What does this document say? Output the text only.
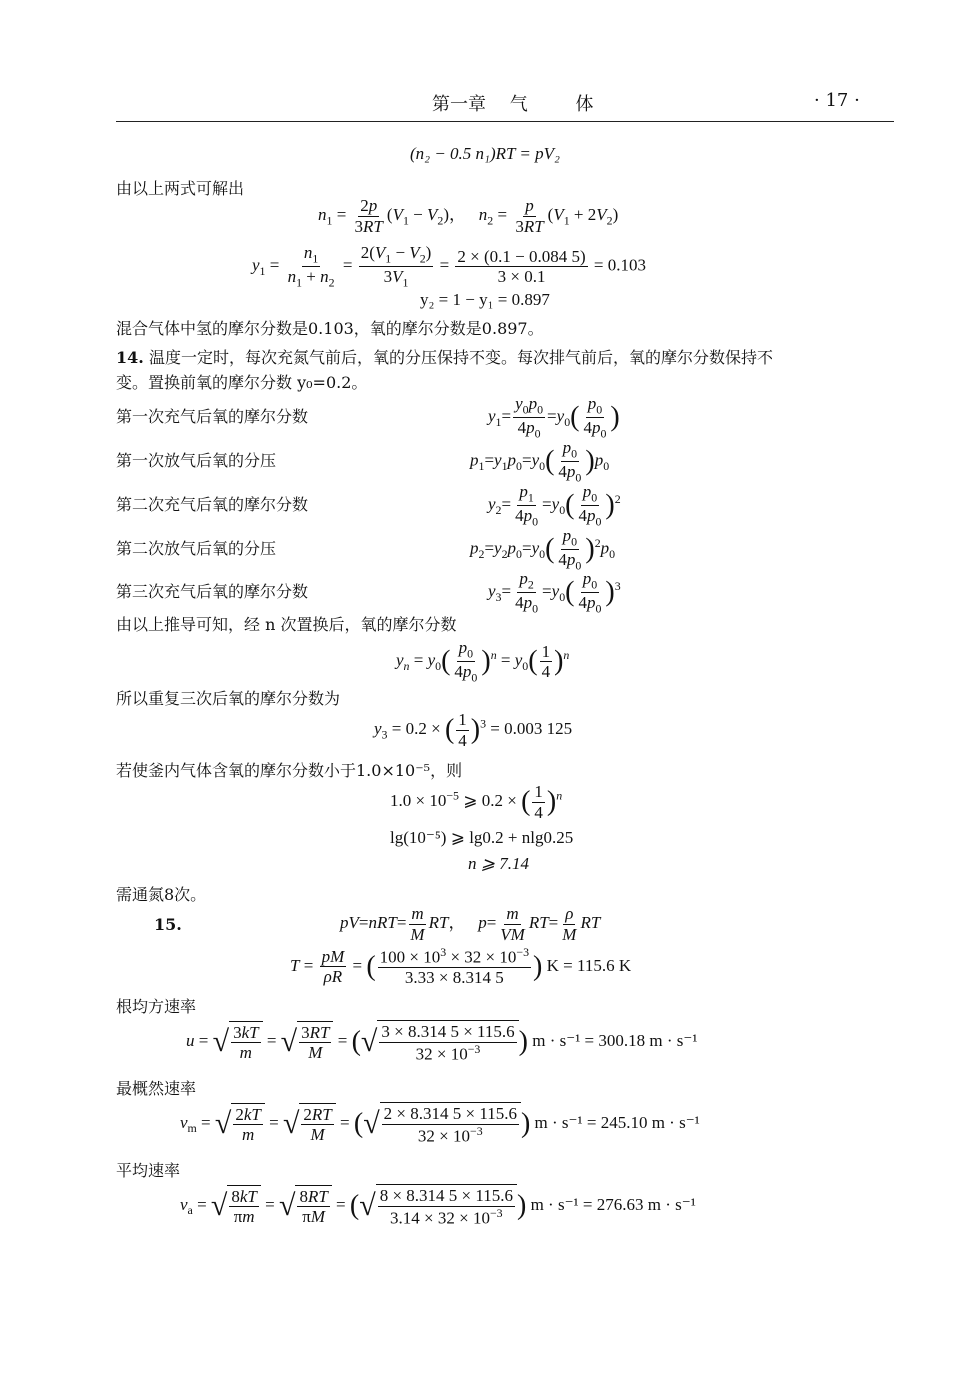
第一章 气	体	· 17 ·
(n₂ − 0.5 n₁)RT = pV₂
由以上两式可解出
$n_1 = \frac{2p}{3RT} (V_1 - V_2)$，   $n_2 = \frac{p}{3RT} (V_1 + 2V_2)$
$y_1 = \frac{n_1}{n_1 + n_2} = \frac{2(V_1 - V_2)}{3V_1} = \frac{2 \times (0.1 - 0.084 5)}{3 \times 0.1} = 0.103$
y₂ = 1 − y₁ = 0.897
混合气体中氢的摩尔分数是0.103，氧的摩尔分数是0.897。
14. 温度一定时，每次充氮气前后，氧的分压保持不变。每次排气前后，氧的摩尔分数保持不
变。置换前氧的摩尔分数 y₀=0.2。
第一次充气后氧的摩尔分数	$y_1= \frac{y_0p_0}{4p_0} =y_0( \frac{p_0}{4p_0}$ )
第一次放气后氧的分压	$p_1=y_1p_0=y_0( \frac{p_0}{4p_0} )p_0$
第二次充气后氧的摩尔分数	$y_2= \frac{p_1}{4p_0} =y_0( \frac{p_0}{4p_0} )^2$
第二次放气后氧的分压	$p_2=y_2p_0=y_0( \frac{p_0}{4p_0} )^2p_0$
第三次充气后氧的摩尔分数	$y_3= \frac{p_2}{4p_0} =y_0( \frac{p_0}{4p_0} )^3$
由以上推导可知，经 n 次置换后，氧的摩尔分数
$y_n = y_0( \frac{p_0}{4p_0} )^n = y_0( \frac{1}{4} )^n$
所以重复三次后氧的摩尔分数为
$y_3 = 0.2$ × ( $\frac{1}{4} )^3 = 0.003$ 125
若使釜内气体含氧的摩尔分数小于1.0×10⁻⁵，则
$1.0 \times 10^{-5}$ ⩾ 0.2 × ( $\frac{1}{4} )^n$
lg(10⁻⁵) ⩾ lg0.2 + nlg0.25
n ⩾ 7.14
需通氮8次。
15.	$pV=nRT= \frac{m}{M}$ RT，   $p= \frac{m}{VM} RT= \frac{\rho}{M}$ RT
$T = \frac{pM}{\rho R}$ = ( $\frac{100 \times 10^3 \times 32 \times 10^{-3}}{3.33 \times 8.314 5}$ ) K = 115.6 K
根均方速率
u = √ $\frac{3kT}{m}$ = √ $\frac{3RT}{M}$ = ( √ $\frac{3 \times 8.314 5 \times 115.6}{32 \times 10^{-3}}$ ) m · s⁻¹ = 300.18 m · s⁻¹
最概然速率
$v_m$ = √ $\frac{2kT}{m}$ = √ $\frac{2RT}{M}$ = ( √ $\frac{2 \times 8.314 5 \times 115.6}{32 \times 10^{-3}}$ ) m · s⁻¹ = 245.10 m · s⁻¹
平均速率
$v_a$ = √ $\frac{8kT}{\pi m}$ = √ $\frac{8RT}{\pi M}$ = ( √ $\frac{8 \times 8.314 5 \times 115.6}{3.14 \times 32 \times 10^{-3}}$ ) m · s⁻¹ = 276.63 m · s⁻¹
